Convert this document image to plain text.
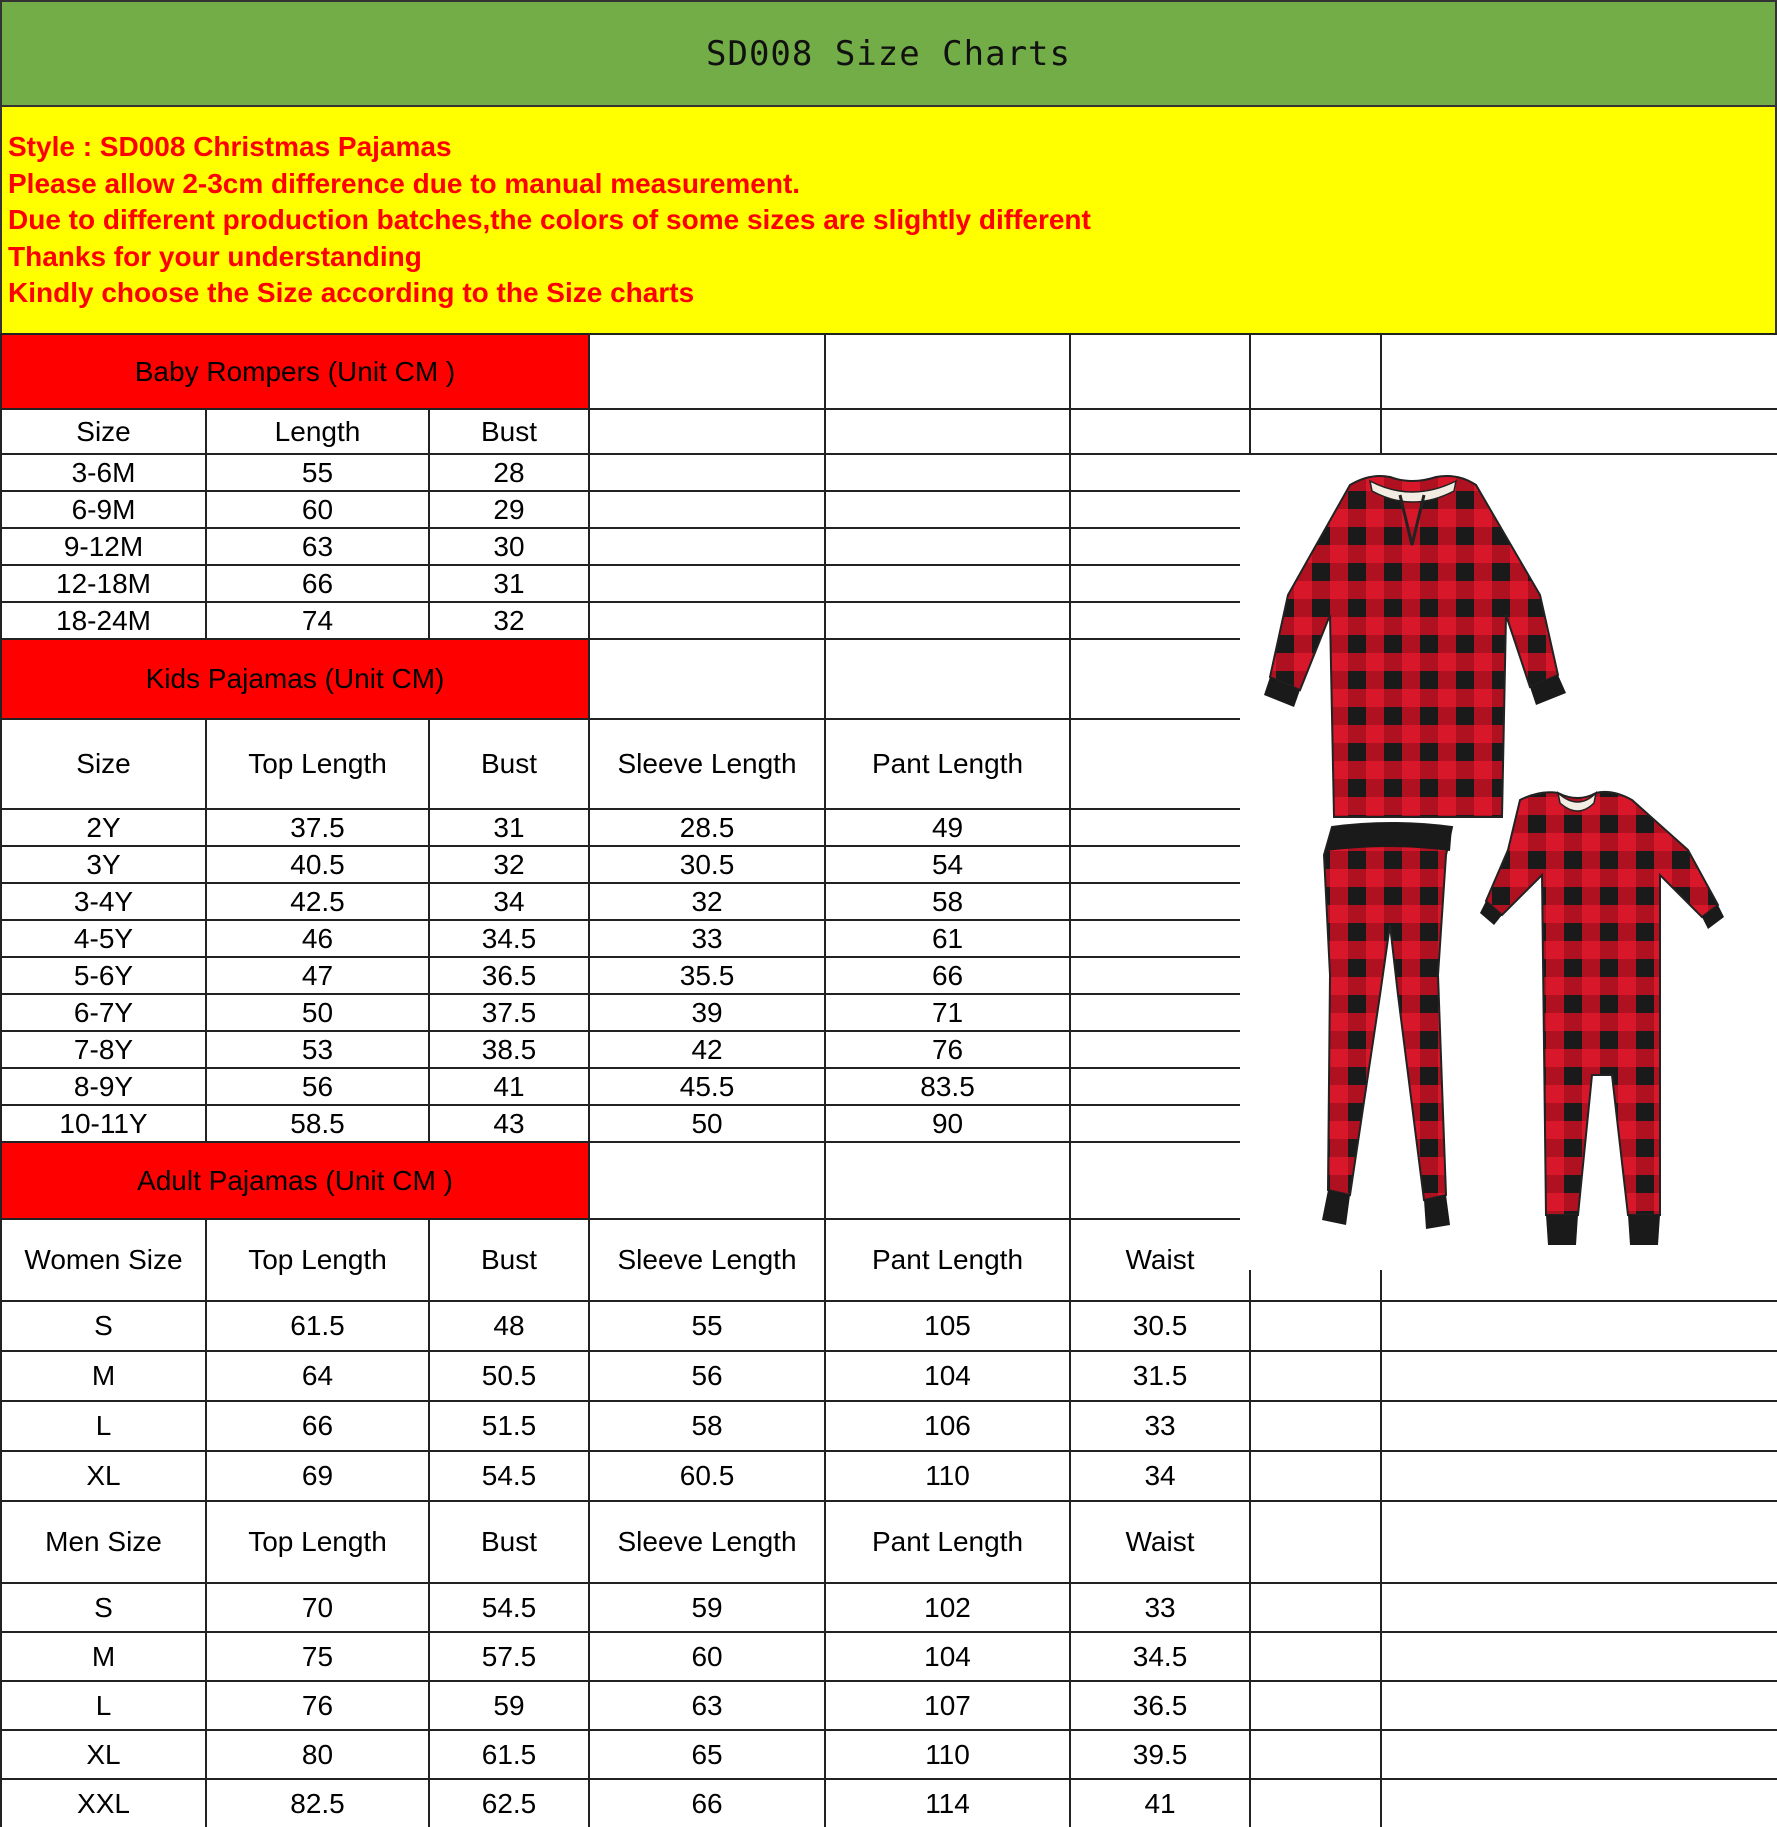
SD008 Size Charts
Style : SD008 Christmas Pajamas
Please allow 2-3cm difference due to manual measurement.
Due to different production batches,the colors of some sizes are slightly different
Thanks for your understanding
Kindly choose the Size according to the Size charts
Baby Rompers (Unit CM )							
Size	Length	Bust					
3-6M	55	28					
6-9M	60	29					
9-12M	63	30					
12-18M	66	31					
18-24M	74	32					
Kids Pajamas (Unit CM)							
Size	Top Length	Bust	Sleeve Length	Pant Length			
2Y	37.5	31	28.5	49			
3Y	40.5	32	30.5	54			
3-4Y	42.5	34	32	58			
4-5Y	46	34.5	33	61			
5-6Y	47	36.5	35.5	66			
6-7Y	50	37.5	39	71			
7-8Y	53	38.5	42	76			
8-9Y	56	41	45.5	83.5			
10-11Y	58.5	43	50	90			
Adult Pajamas (Unit CM )							
Women Size	Top Length	Bust	Sleeve Length	Pant Length	Waist		
S	61.5	48	55	105	30.5		
M	64	50.5	56	104	31.5		
L	66	51.5	58	106	33		
XL	69	54.5	60.5	110	34		
Men Size	Top Length	Bust	Sleeve Length	Pant Length	Waist		
S	70	54.5	59	102	33		
M	75	57.5	60	104	34.5		
L	76	59	63	107	36.5		
XL	80	61.5	65	110	39.5		
XXL	82.5	62.5	66	114	41		
